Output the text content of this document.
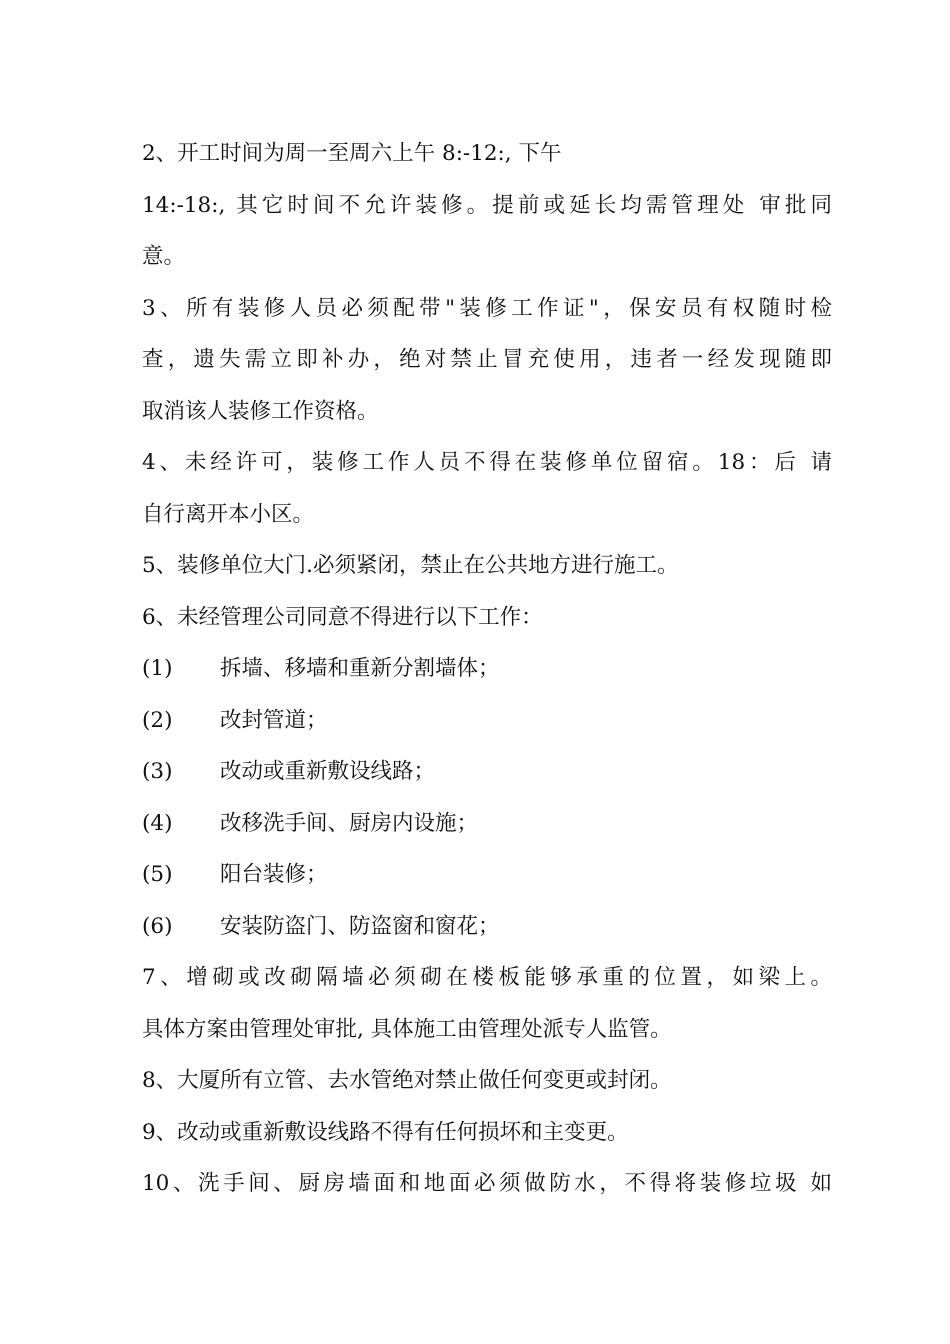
2、开工时间为周一至周六上午 8:-12:, 下午
14:-18:, 其它时间不允许装修。提前或延长均需管理处 审批同
意。
3、所有装修人员必须配带"装修工作证"，保安员有权随时检
查，遗失需立即补办，绝对禁止冒充使用，违者一经发现随即
取消该人装修工作资格。
4、未经许可，装修工作人员不得在装修单位留宿。18：后 请
自行离开本小区。
5、装修单位大门.必须紧闭，禁止在公共地方进行施工。
6、未经管理公司同意不得进行以下工作：
(1)	拆墙、移墙和重新分割墙体；
(2)	改封管道；
(3)	改动或重新敷设线路；
(4)	改移洗手间、厨房内设施；
(5)	阳台装修；
(6)	安装防盗门、防盗窗和窗花；
7、增砌或改砌隔墙必须砌在楼板能够承重的位置，如梁上。
具体方案由管理处审批, 具体施工由管理处派专人监管。
8、大厦所有立管、去水管绝对禁止做任何变更或封闭。
9、改动或重新敷设线路不得有任何损坏和主变更。
10、洗手间、厨房墙面和地面必须做防水，不得将装修垃圾 如
